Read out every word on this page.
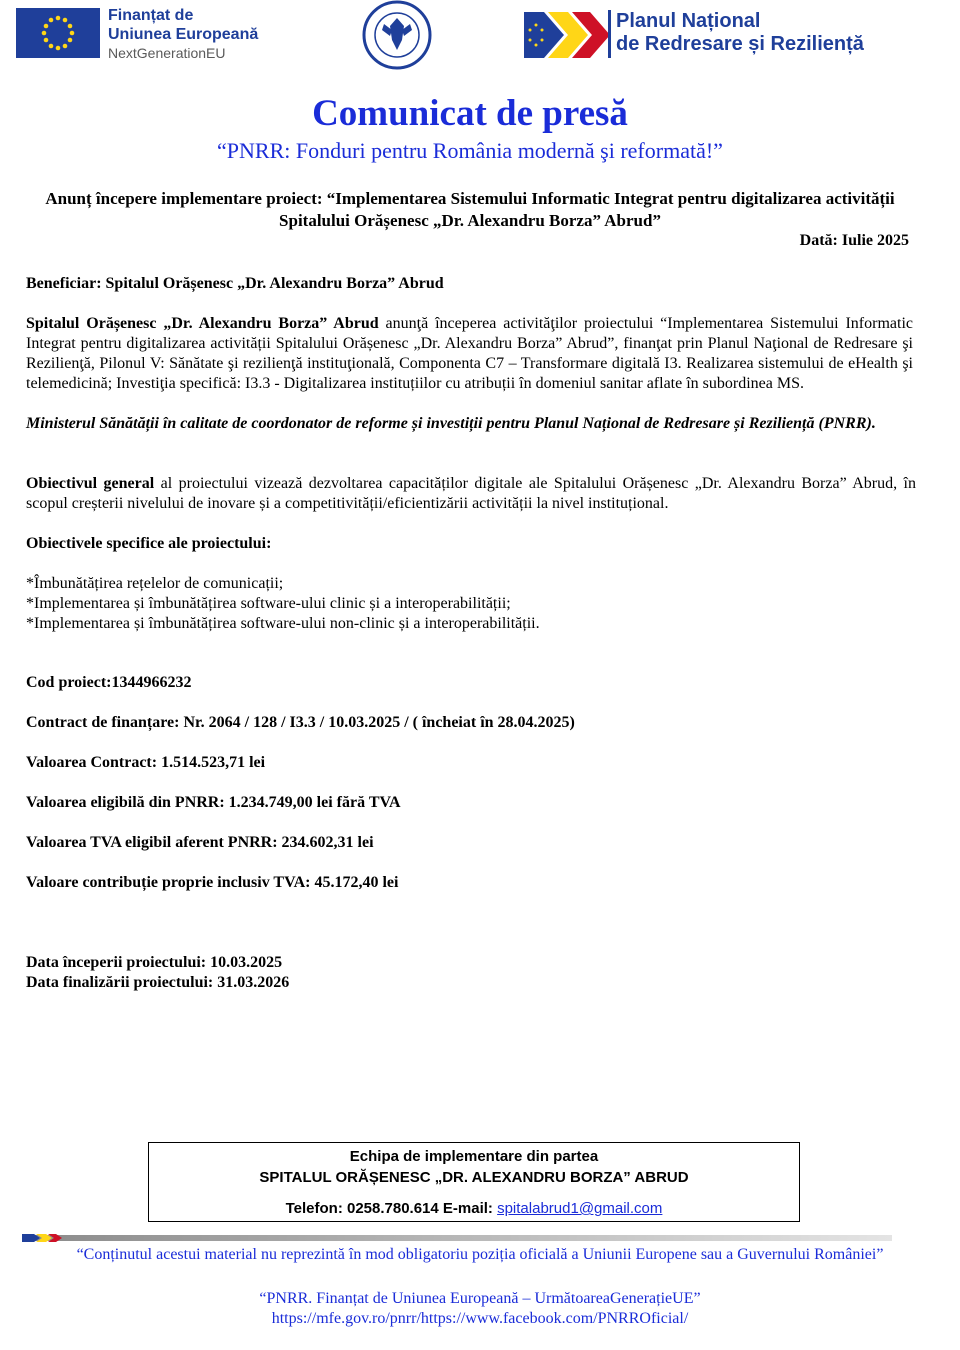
Finanțat de
Uniunea Europeană
NextGenerationEU
Planul Național
de Redresare și Reziliență
Comunicat de presă
“PNRR: Fonduri pentru România modernă şi reformată!”
Anunț începere implementare proiect: “Implementarea Sistemului Informatic Integrat pentru digitalizarea activității Spitalului Orășenesc „Dr. Alexandru Borza” Abrud”
Dată: Iulie 2025
Beneficiar: Spitalul Orășenesc „Dr. Alexandru Borza” Abrud
Spitalul Orășenesc „Dr. Alexandru Borza” Abrud anunţă începerea activităţilor proiectului “Implementarea Sistemului Informatic Integrat pentru digitalizarea activității Spitalului Orășenesc „Dr. Alexandru Borza” Abrud”, finanţat prin Planul Naţional de Redresare şi Rezilienţă, Pilonul V: Sănătate şi rezilienţă instituţională, Componenta C7 – Transformare digitală I3. Realizarea sistemului de eHealth şi telemedicină; Investiţia specifică: I3.3 - Digitalizarea instituțiilor cu atribuții în domeniul sanitar aflate în subordinea MS.
Ministerul Sănătății în calitate de coordonator de reforme și investiții pentru Planul Național de Redresare și Reziliență (PNRR).
Obiectivul general al proiectului vizează dezvoltarea capacităților digitale ale Spitalului Orășenesc „Dr. Alexandru Borza” Abrud, în scopul creșterii nivelului de inovare și a competitivității/eficientizării activității la nivel instituțional.
Obiectivele specifice ale proiectului:
*Îmbunătățirea rețelelor de comunicații;
*Implementarea și îmbunătățirea software-ului clinic și a interoperabilității;
*Implementarea și îmbunătățirea software-ului non-clinic și a interoperabilității.
Cod proiect:1344966232
Contract de finanțare: Nr. 2064 / 128 / I3.3 / 10.03.2025 / ( încheiat în 28.04.2025)
Valoarea Contract: 1.514.523,71 lei
Valoarea eligibilă din PNRR: 1.234.749,00 lei fără TVA
Valoarea TVA eligibil aferent PNRR: 234.602,31 lei
Valoare contribuție proprie inclusiv TVA: 45.172,40 lei
Data începerii proiectului: 10.03.2025
Data finalizării proiectului: 31.03.2026
Echipa de implementare din partea
SPITALUL ORĂȘENESC „DR. ALEXANDRU BORZA” ABRUD
Telefon: 0258.780.614 E-mail: spitalabrud1@gmail.com
“Conținutul acestui material nu reprezintă în mod obligatoriu poziția oficială a Uniunii Europene sau a Guvernului României”
“PNRR. Finanțat de Uniunea Europeană – UrmătoareaGenerațieUE”
https://mfe.gov.ro/pnrr/https://www.facebook.com/PNRROficial/
